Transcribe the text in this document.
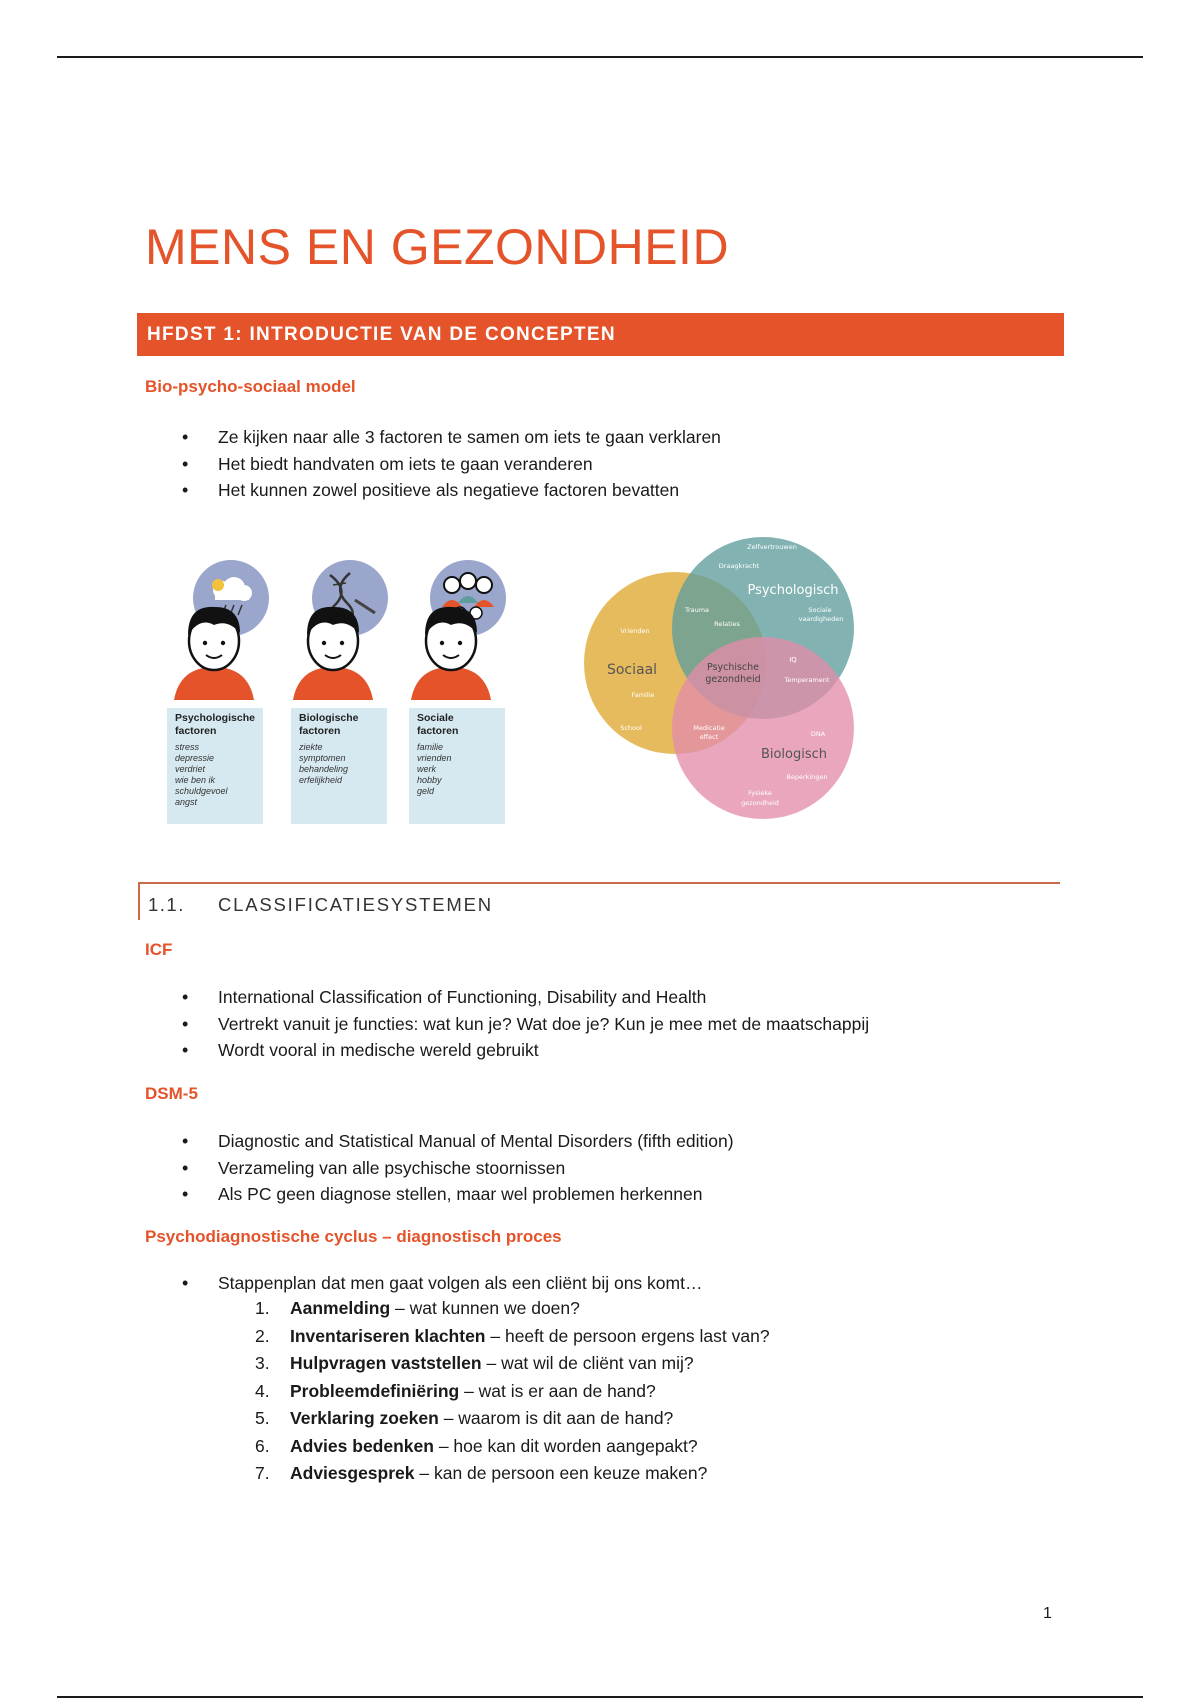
MENS EN GEZONDHEID
HFDST 1: INTRODUCTIE VAN DE CONCEPTEN
Bio-psycho-sociaal model
• Ze kijken naar alle 3 factoren te samen om iets te gaan verklaren
• Het biedt handvaten om iets te gaan veranderen
• Het kunnen zowel positieve als negatieve factoren bevatten
Psychologische
factoren
stress
depressie
verdriet
wie ben ik
schuldgevoel
angst
Biologische
factoren
ziekte
symptomen
behandeling
erfelijkheid
Sociale
factoren
familie
vrienden
werk
hobby
geld
Psychologisch
Sociaal
Biologisch
Psychische
gezondheid
Zelfvertrouwen
Draagkracht
Trauma
Relaties
Sociale
vaardigheden
Vrienden
Familie
IQ
Temperament
School	Medicatie
effect	DNA
Beperkingen
Fysieke
gezondheid
1.1. CLASSIFICATIESYSTEMEN
ICF
• International Classification of Functioning, Disability and Health
• Vertrekt vanuit je functies: wat kun je? Wat doe je? Kun je mee met de maatschappij
• Wordt vooral in medische wereld gebruikt
DSM-5
• Diagnostic and Statistical Manual of Mental Disorders (fifth edition)
• Verzameling van alle psychische stoornissen
• Als PC geen diagnose stellen, maar wel problemen herkennen
Psychodiagnostische cyclus – diagnostisch proces
• Stappenplan dat men gaat volgen als een cliënt bij ons komt…
1. Aanmelding – wat kunnen we doen?
2. Inventariseren klachten – heeft de persoon ergens last van?
3. Hulpvragen vaststellen – wat wil de cliënt van mij?
4. Probleemdefiniëring – wat is er aan de hand?
5. Verklaring zoeken – waarom is dit aan de hand?
6. Advies bedenken – hoe kan dit worden aangepakt?
7. Adviesgesprek – kan de persoon een keuze maken?
1
